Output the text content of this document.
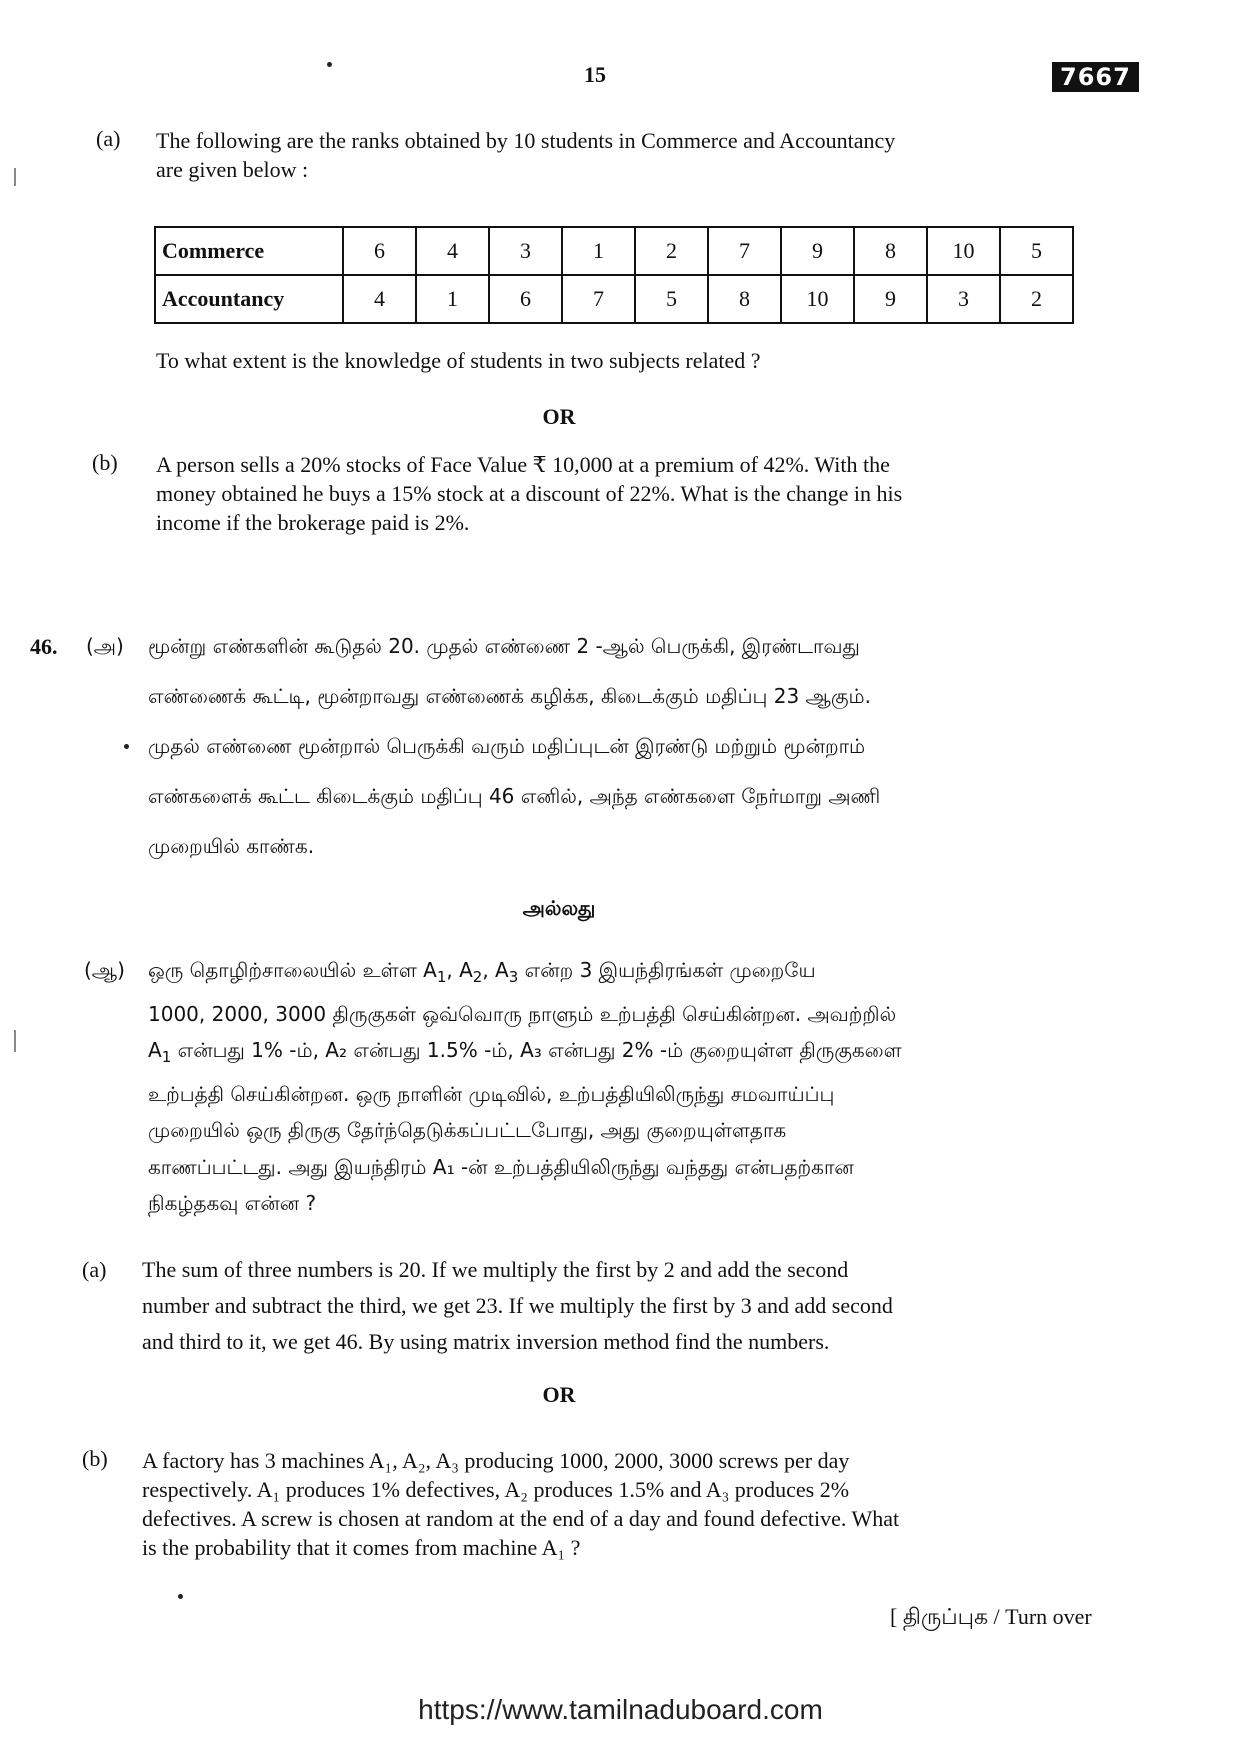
15	7667
(a) The following are the ranks obtained by 10 students in Commerce and Accountancy
are given below :
Commerce	6	4	3	1	2	7	9	8	10	5
Accountancy	4	1	6	7	5	8	10	9	3	2
To what extent is the knowledge of students in two subjects related ?
OR
(b) A person sells a 20% stocks of Face Value ₹ 10,000 at a premium of 42%. With the
money obtained he buys a 15% stock at a discount of 22%. What is the change in his
income if the brokerage paid is 2%.
46. (அ) மூன்று எண்களின் கூடுதல் 20. முதல் எண்ணை 2 -ஆல் பெருக்கி, இரண்டாவது
எண்ணைக் கூட்டி, மூன்றாவது எண்ணைக் கழிக்க, கிடைக்கும் மதிப்பு 23 ஆகும்.
முதல் எண்ணை மூன்றால் பெருக்கி வரும் மதிப்புடன் இரண்டு மற்றும் மூன்றாம்
எண்களைக் கூட்ட கிடைக்கும் மதிப்பு 46 எனில், அந்த எண்களை நேர்மாறு அணி
முறையில் காண்க.
அல்லது
(ஆ) ஒரு தொழிற்சாலையில் உள்ள $A_1$, $A_2$, $A_3$ என்ற 3 இயந்திரங்கள் முறையே
1000, 2000, 3000 திருகுகள் ஒவ்வொரு நாளும் உற்பத்தி செய்கின்றன. அவற்றில்
$A_1$ என்பது 1% -ம், A₂ என்பது 1.5% -ம், A₃ என்பது 2% -ம் குறையுள்ள திருகுகளை
உற்பத்தி செய்கின்றன. ஒரு நாளின் முடிவில், உற்பத்தியிலிருந்து சமவாய்ப்பு
முறையில் ஒரு திருகு தேர்ந்தெடுக்கப்பட்டபோது, அது குறையுள்ளதாக
காணப்பட்டது. அது இயந்திரம் A₁ -ன் உற்பத்தியிலிருந்து வந்தது என்பதற்கான
நிகழ்தகவு என்ன ?
(a) The sum of three numbers is 20. If we multiply the first by 2 and add the second
number and subtract the third, we get 23. If we multiply the first by 3 and add second
and third to it, we get 46. By using matrix inversion method find the numbers.
OR
(b) A factory has 3 machines A₁, A₂, A₃ producing 1000, 2000, 3000 screws per day
respectively. A₁ produces 1% defectives, A₂ produces 1.5% and A₃ produces 2%
defectives. A screw is chosen at random at the end of a day and found defective. What
is the probability that it comes from machine A₁ ?
[ திருப்புக / Turn over
https://www.tamilnaduboard.com
